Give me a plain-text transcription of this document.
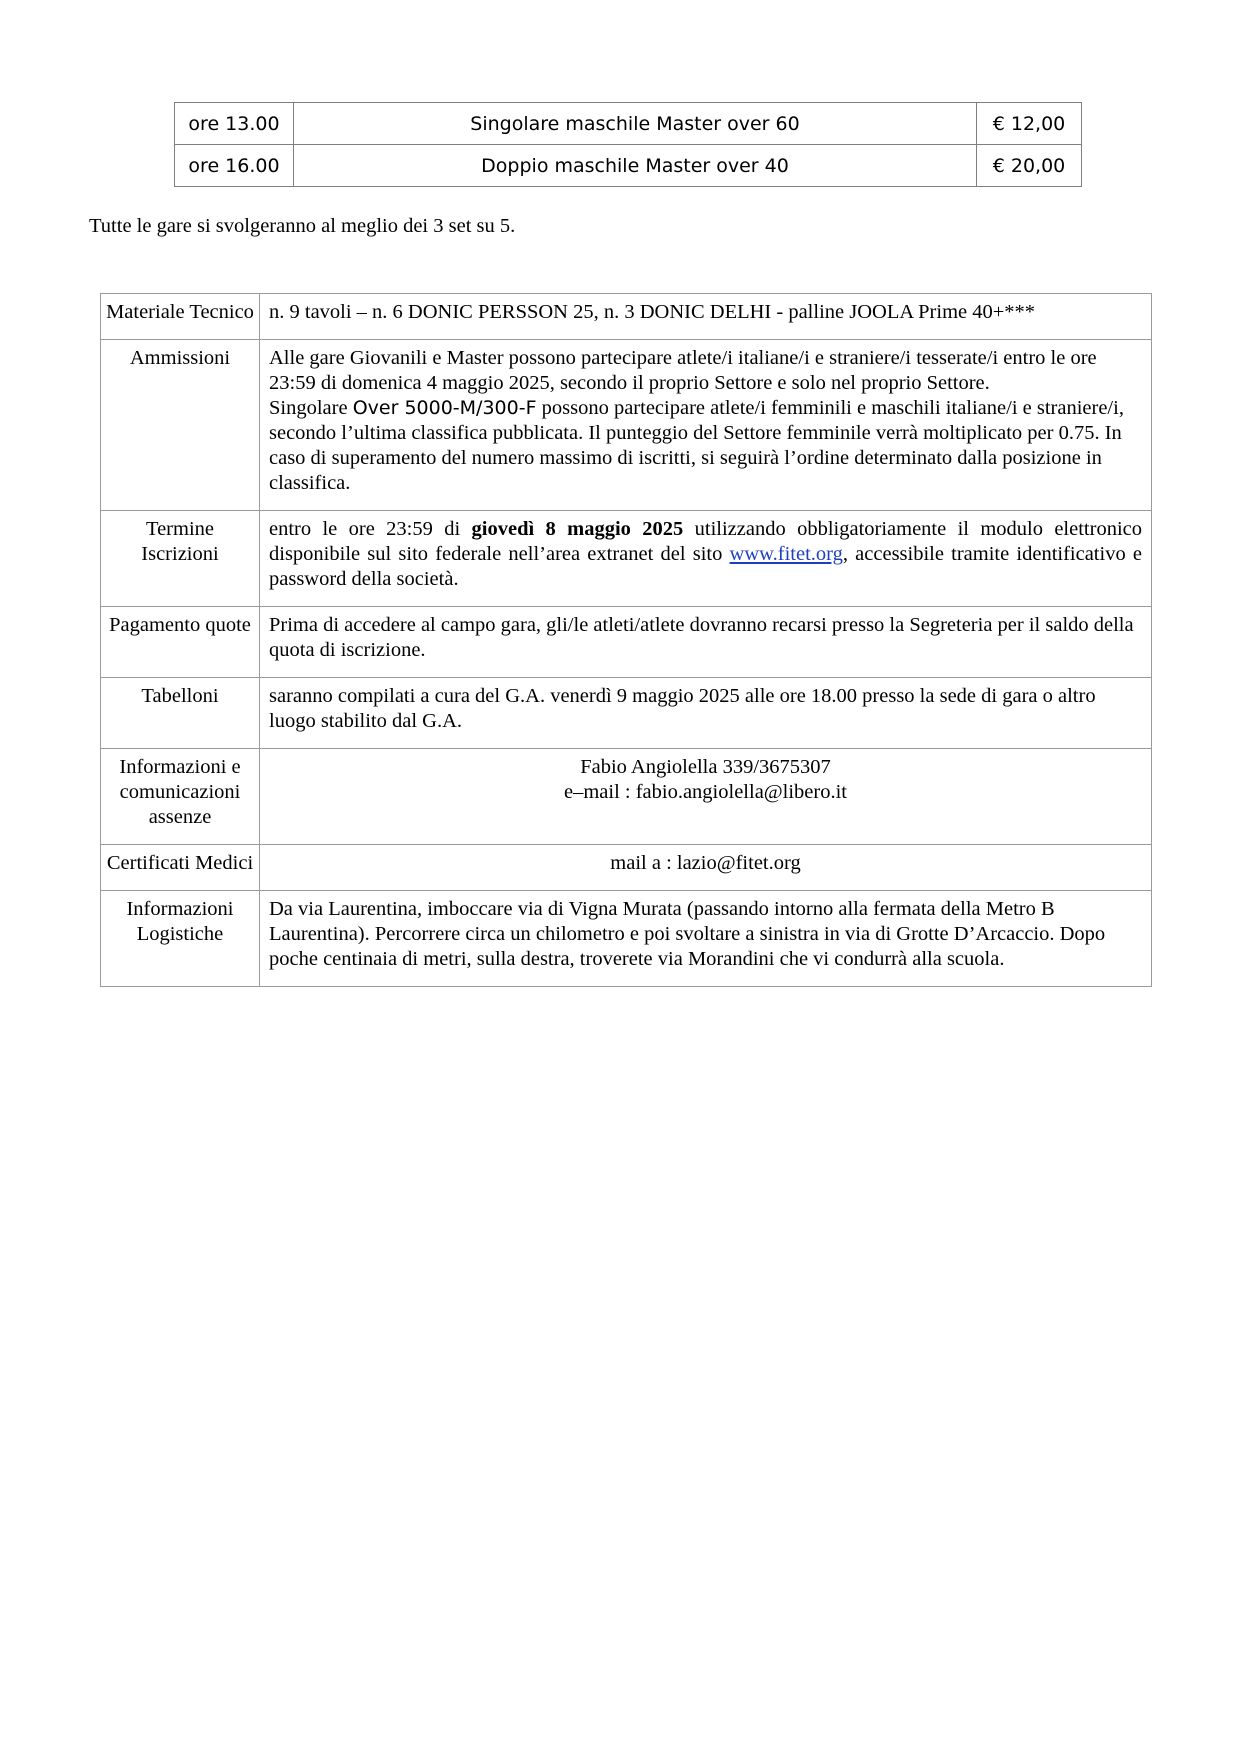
ore 13.00	Singolare maschile Master over 60	€ 12,00
ore 16.00	Doppio maschile Master over 40	€ 20,00

Tutte le gare si svolgeranno al meglio dei 3 set su 5.

Materiale Tecnico	n. 9 tavoli – n. 6 DONIC PERSSON 25, n. 3 DONIC DELHI - palline JOOLA Prime 40+***
Ammissioni	Alle gare Giovanili e Master possono partecipare atlete/i italiane/i e straniere/i tesserate/i entro le ore 23:59 di domenica 4 maggio 2025, secondo il proprio Settore e solo nel proprio Settore.
Singolare Over 5000-M/300-F possono partecipare atlete/i femminili e maschili italiane/i e straniere/i, secondo l’ultima classifica pubblicata. Il punteggio del Settore femminile verrà moltiplicato per 0.75. In caso di superamento del numero massimo di iscritti, si seguirà l’ordine determinato dalla posizione in classifica.

Termine Iscrizioni	entro le ore 23:59 di giovedì 8 maggio 2025 utilizzando obbligatoriamente il modulo elettronico disponibile sul sito federale nell’area extranet del sito www.fitet.org, accessibile tramite identificativo e password della società.
Pagamento quote	Prima di accedere al campo gara, gli/le atleti/atlete dovranno recarsi presso la Segreteria per il saldo della quota di iscrizione.
Tabelloni	saranno compilati a cura del G.A. venerdì 9 maggio 2025 alle ore 18.00 presso la sede di gara o altro luogo stabilito dal G.A.
Informazioni e comunicazioni assenze	Fabio Angiolella 339/3675307
e–mail : fabio.angiolella@libero.it

Certificati Medici	mail a : lazio@fitet.org
Informazioni Logistiche	Da via Laurentina, imboccare via di Vigna Murata (passando intorno alla fermata della Metro B Laurentina). Percorrere circa un chilometro e poi svoltare a sinistra in via di Grotte D’Arcaccio. Dopo poche centinaia di metri, sulla destra, troverete via Morandini che vi condurrà alla scuola.
